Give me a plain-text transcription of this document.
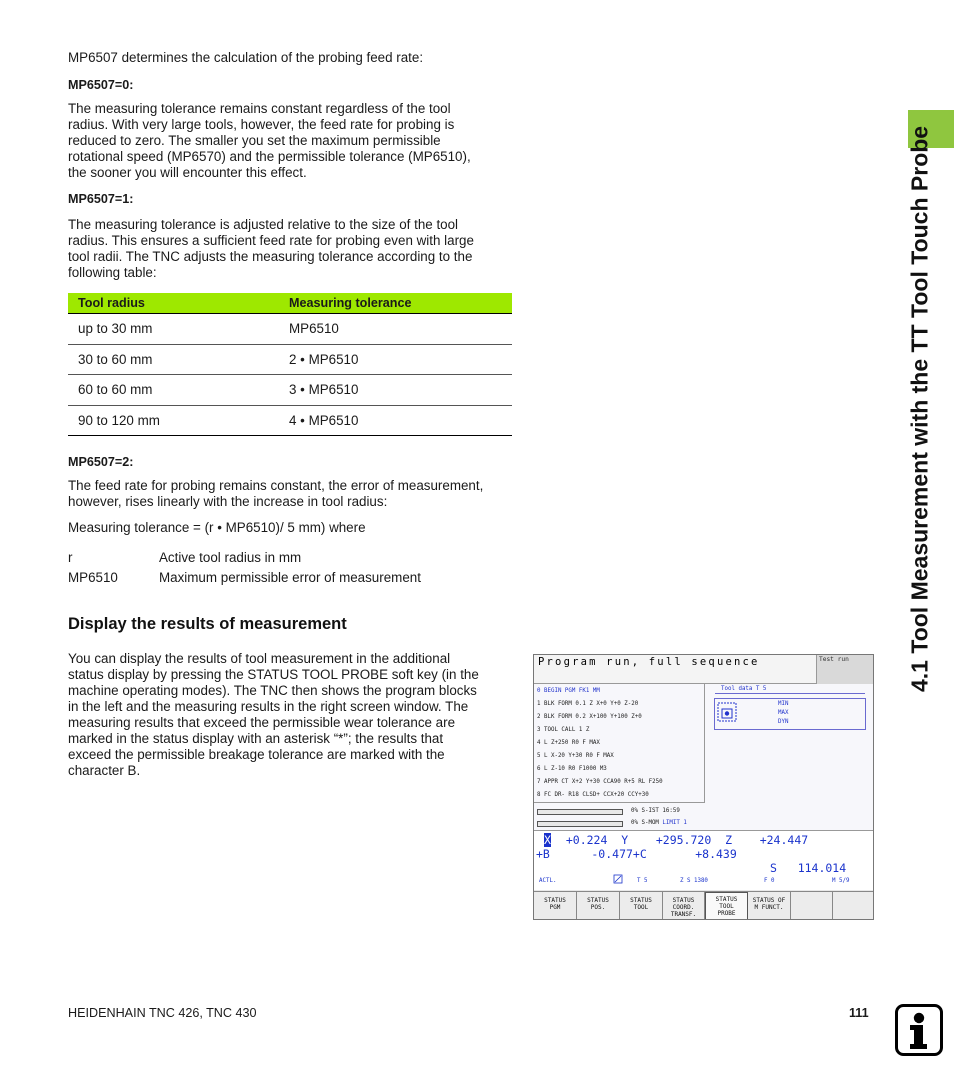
4.1 Tool Measurement with the TT Tool Touch Probe
MP6507 determines the calculation of the probing feed rate:
MP6507=0:
The measuring tolerance remains constant regardless of the tool
radius. With very large tools, however, the feed rate for probing is
reduced to zero. The smaller you set the maximum permissible
rotational speed (MP6570) and the permissible tolerance (MP6510),
the sooner you will encounter this effect.
MP6507=1:
The measuring tolerance is adjusted relative to the size of the tool
radius. This ensures a sufficient feed rate for probing even with large
tool radii. The TNC adjusts the measuring tolerance according to the
following table:
Tool radius	Measuring tolerance
up to 30 mm	MP6510
30 to 60 mm	2 • MP6510
60 to 60 mm	3 • MP6510
90 to 120 mm	4 • MP6510
MP6507=2:
The feed rate for probing remains constant, the error of measurement,
however, rises linearly with the increase in tool radius:
Measuring tolerance = (r • MP6510)/ 5 mm) where
r	Active tool radius in mm
MP6510	Maximum permissible error of measurement
Display the results of measurement
You can display the results of tool measurement in the additional
status display by pressing the STATUS TOOL PROBE soft key (in the
machine operating modes). The TNC then shows the program blocks
in the left and the measuring results in the right screen window. The
measuring results that exceed the permissible wear tolerance are
marked in the status display with an asterisk “*”; the results that
exceed the permissible breakage tolerance are marked with the
character B.
Program run, full sequence	Test run
0 BEGIN PGM FK1 MM
1 BLK FORM 0.1 Z X+0 Y+0 Z-20
2 BLK FORM 0.2 X+100 Y+100 Z+0
3 TOOL CALL 1 Z
4 L Z+250 R0 F MAX
5 L X-20 Y+30 R0 F MAX
6 L Z-10 R0 F1000 M3
7 APPR CT X+2 Y+30 CCA90 R+5 RL F250
8 FC DR- R18 CLSD+ CCX+20 CCY+30
Tool data T 5
MIN
MAX
DYN
0% S-IST 16:59
0% S-MOM LIMIT 1
X +0.224  Y    +295.720  Z    +24.447
+B      -0.477+C       +8.439
S   114.014
ACTL.	T 5	Z S 1380	F 0	M 5/9
STATUS
PGM
STATUS
POS.
STATUS
TOOL
STATUS
COORD.
TRANSF.
STATUS
TOOL
PROBE
STATUS OF
M FUNCT.
HEIDENHAIN TNC 426, TNC 430	111
